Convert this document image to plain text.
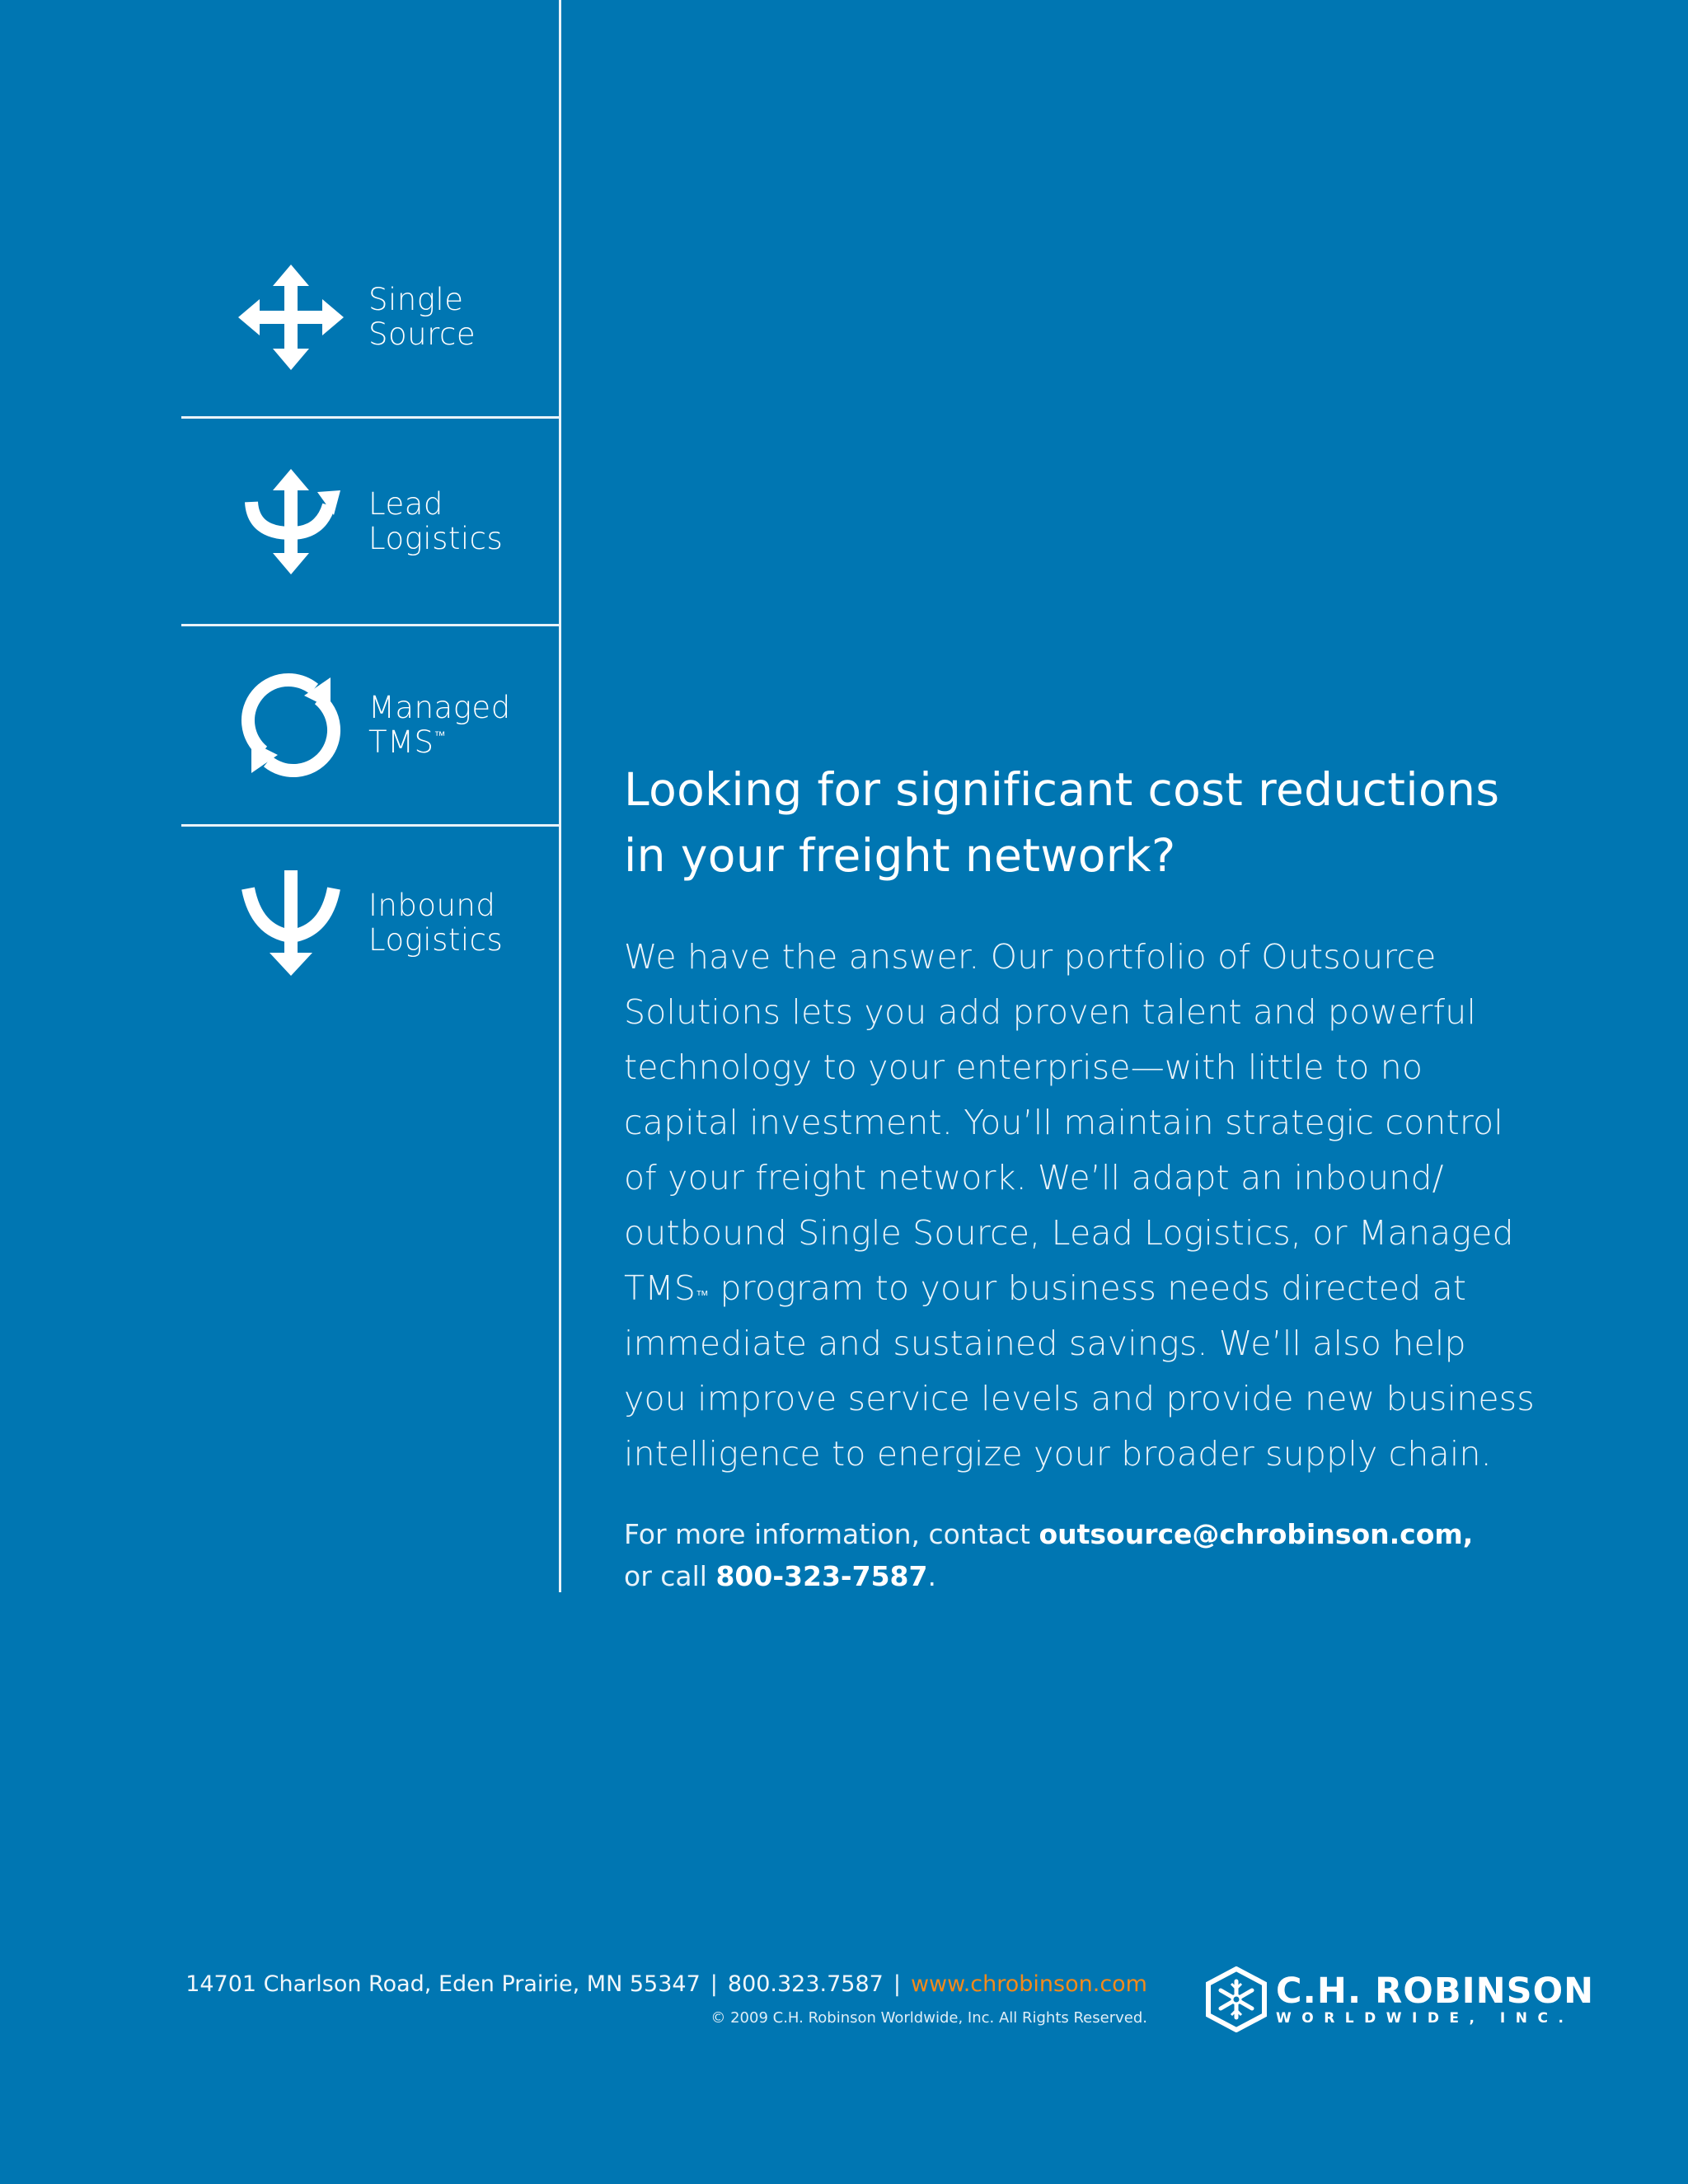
Single
Source
Lead
Logistics
Managed
TMS™
Inbound
Logistics
Looking for significant cost reductions
in your freight network?
We have the answer. Our portfolio of Outsource
Solutions lets you add proven talent and powerful
technology to your enterprise—with little to no
capital investment. You’ll maintain strategic control
of your freight network. We’ll adapt an inbound/
outbound Single Source, Lead Logistics, or Managed
TMS™ program to your business needs directed at
immediate and sustained savings. We’ll also help
you improve service levels and provide new business
intelligence to energize your broader supply chain.
For more information, contact outsource@chrobinson.com,
or call 800-323-7587.
14701 Charlson Road, Eden Prairie, MN 55347 | 800.323.7587 | www.chrobinson.com
© 2009 C.H. Robinson Worldwide, Inc. All Rights Reserved.
C.H. ROBINSON
WORLDWIDE, INC.
